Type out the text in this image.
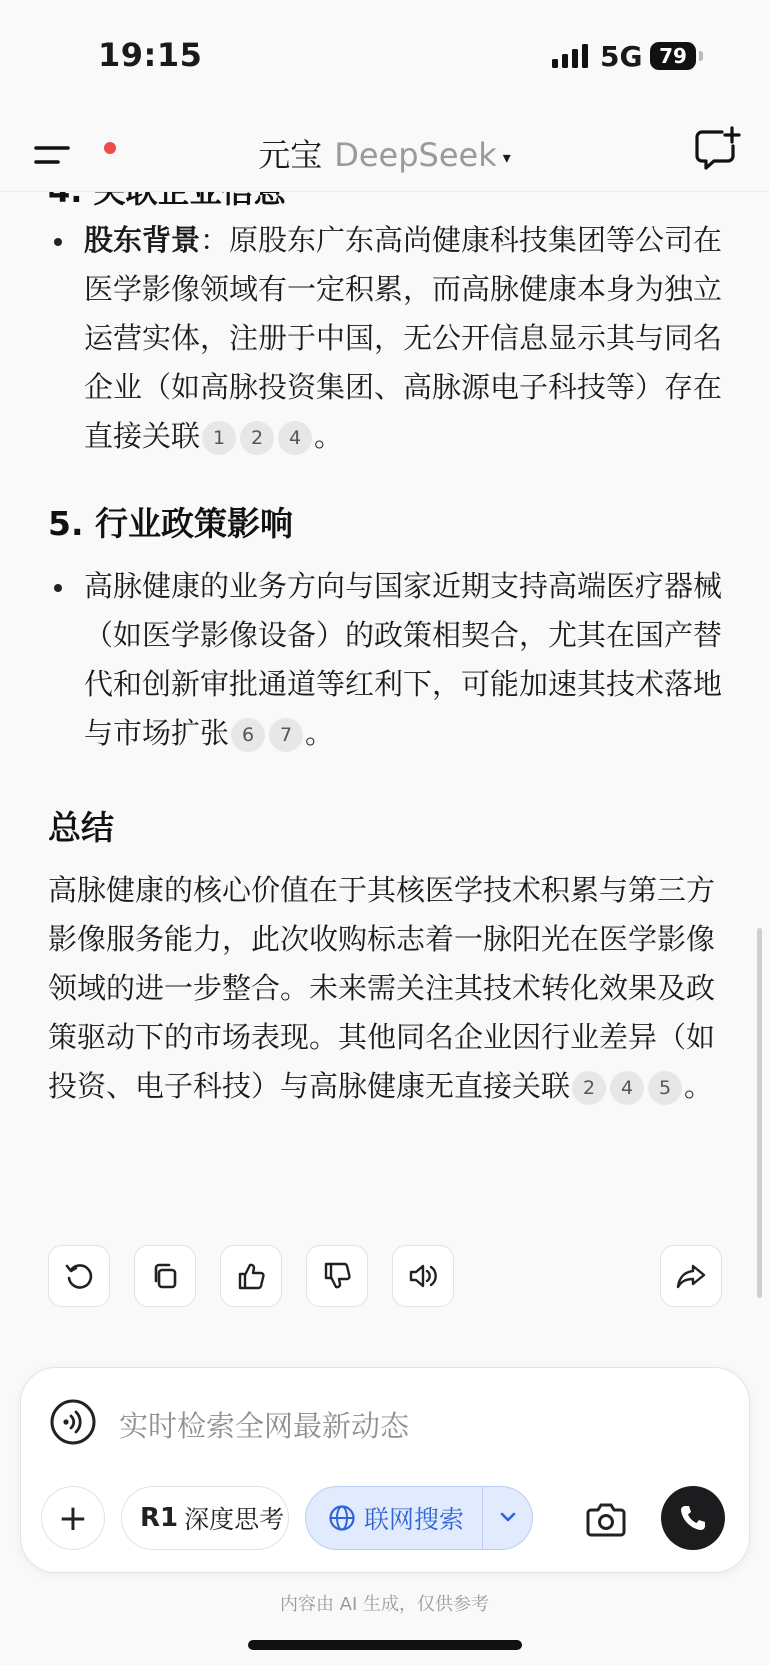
19:15	5G 79
元宝 DeepSeek ▾

股东背景：原股东广东高尚健康科技集团等公司在医学影像领域有一定积累，而高脉健康本身为独立运营实体，注册于中国，无公开信息显示其与同名企业（如高脉投资集团、高脉源电子科技等）存在直接关联 1 2 4 。

5. 行业政策影响

高脉健康的业务方向与国家近期支持高端医疗器械（如医学影像设备）的政策相契合，尤其在国产替代和创新审批通道等红利下，可能加速其技术落地与市场扩张 6 7 。

总结

高脉健康的核心价值在于其核医学技术积累与第三方影像服务能力，此次收购标志着一脉阳光在医学影像领域的进一步整合。未来需关注其技术转化效果及政策驱动下的市场表现。其他同名企业因行业差异（如投资、电子科技）与高脉健康无直接关联 2 4 5 。

实时检索全网最新动态
+ R1 深度思考	联网搜索
内容由 AI 生成，仅供参考
